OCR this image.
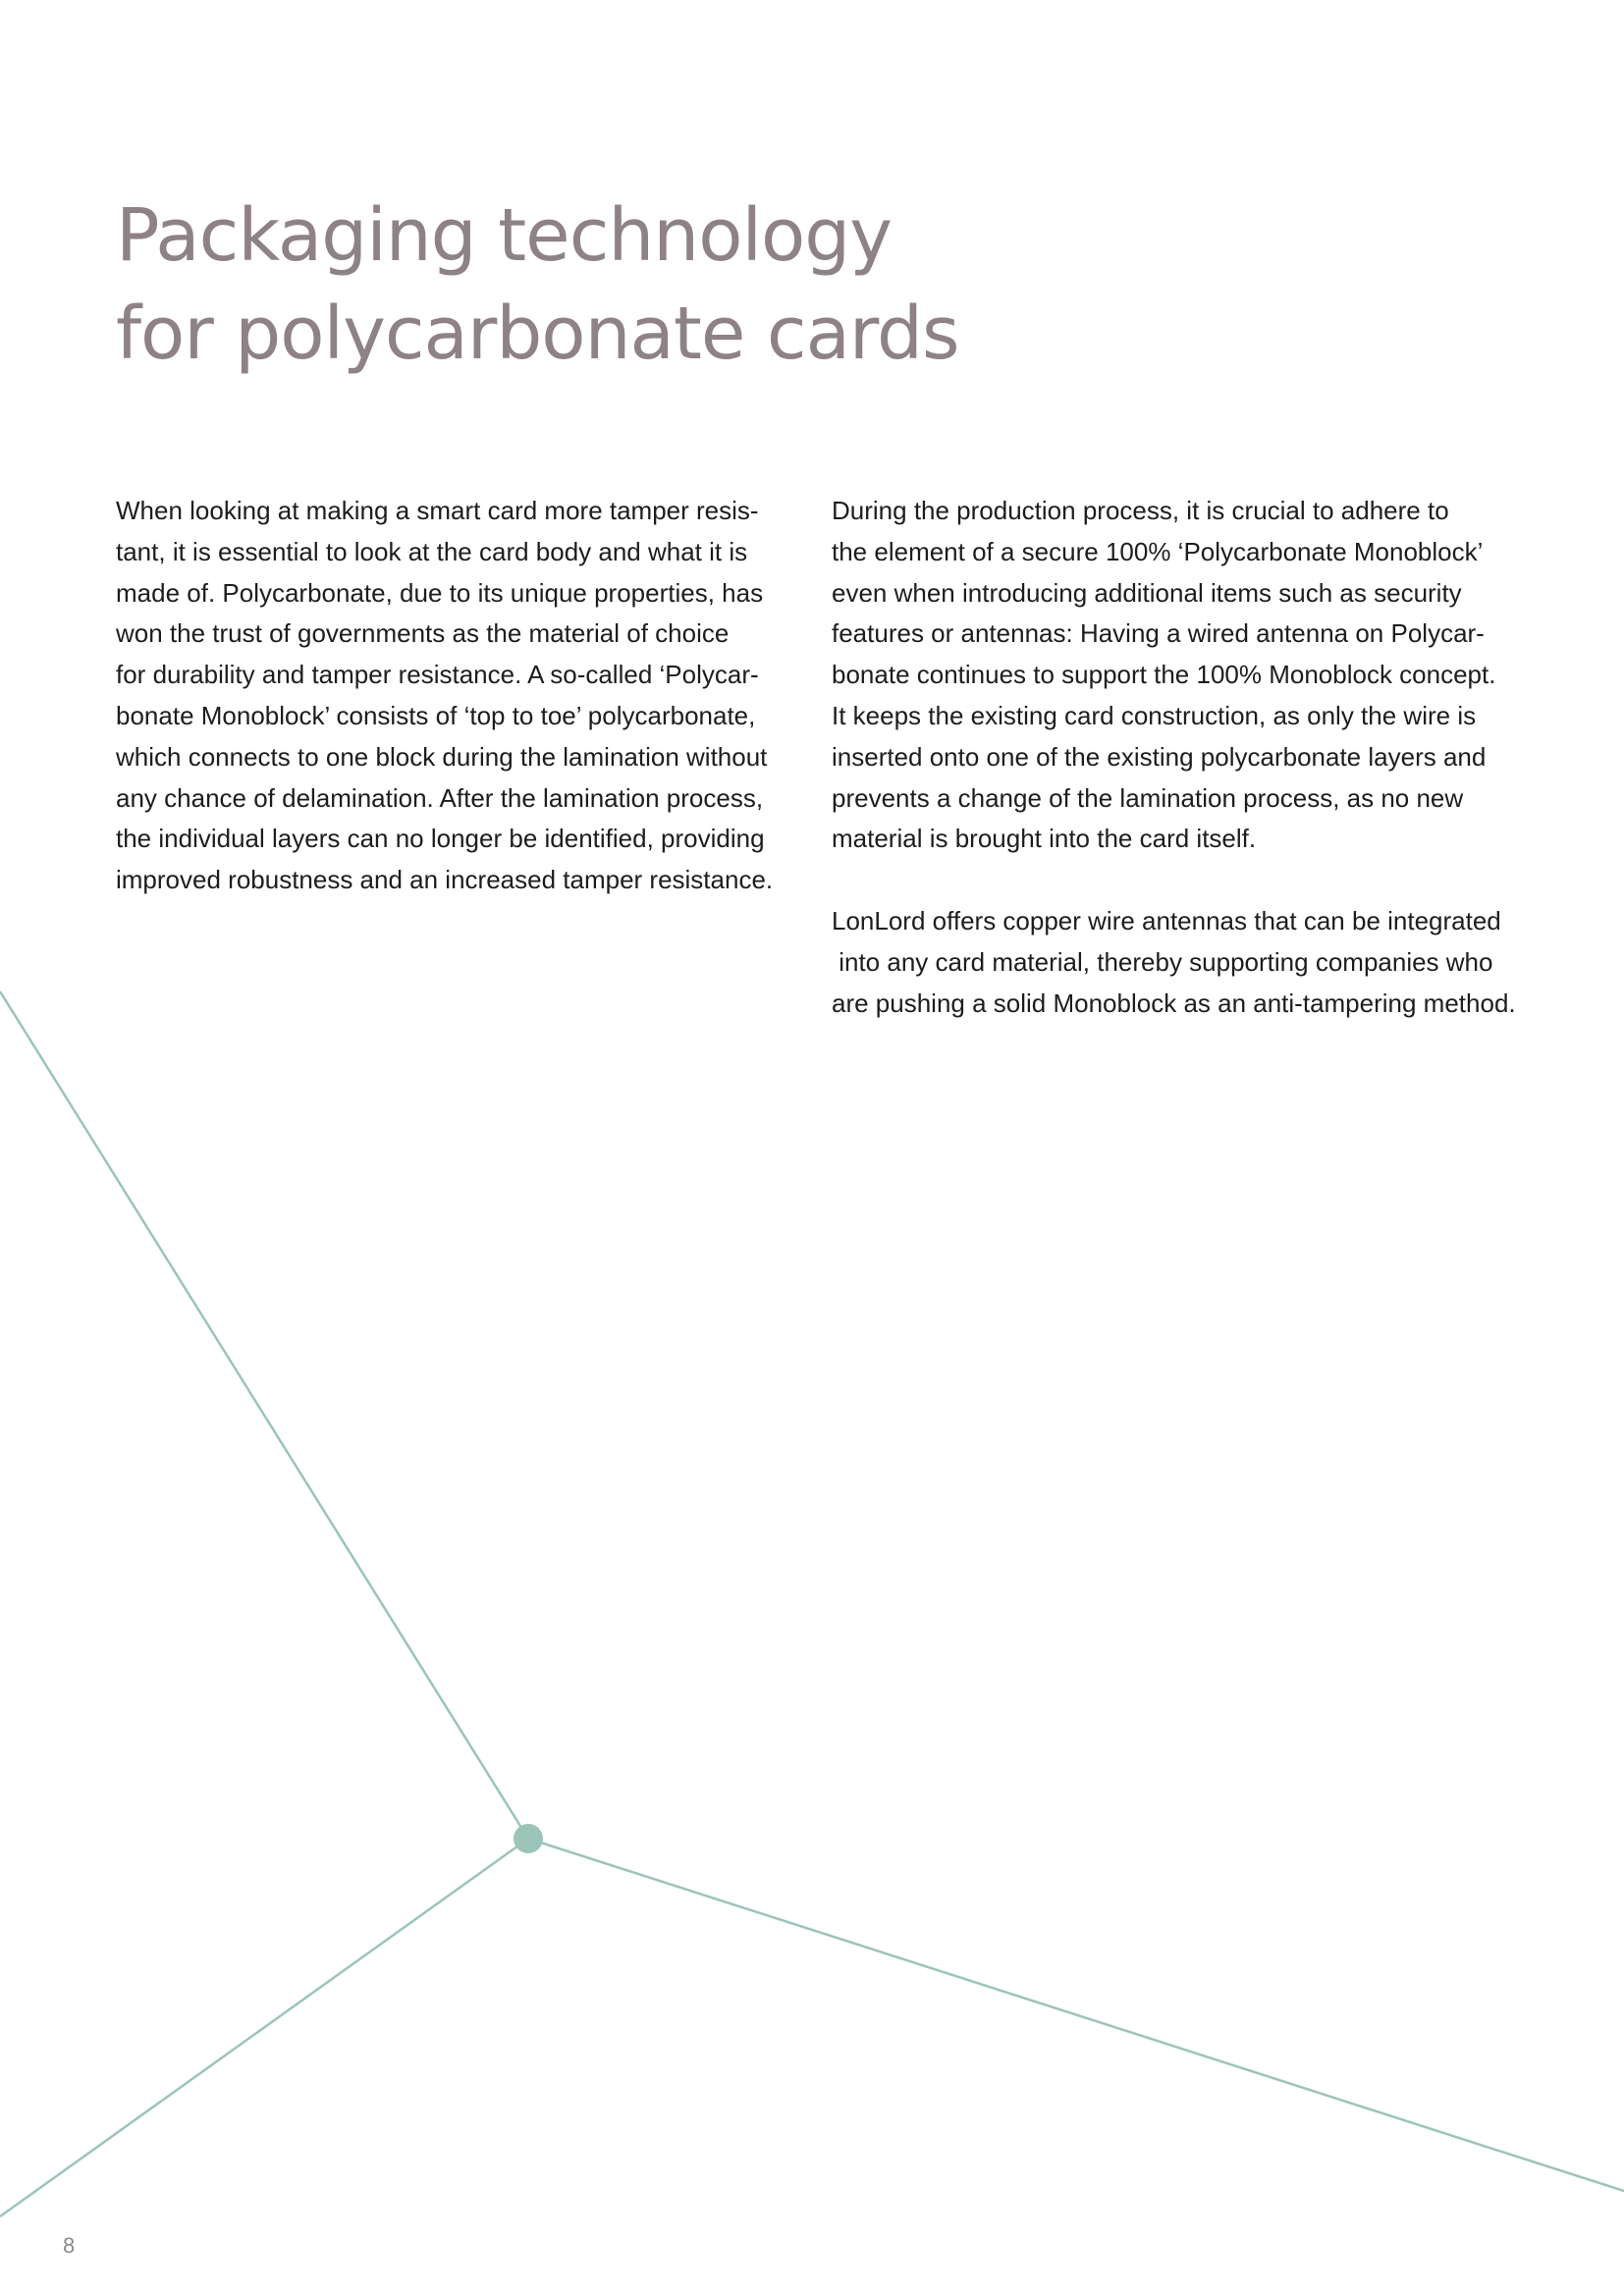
Packaging technology
for polycarbonate cards

When looking at making a smart card more tamper resis-
tant, it is essential to look at the card body and what it is
made of. Polycarbonate, due to its unique properties, has
won the trust of governments as the material of choice
for durability and tamper resistance. A so-called ‘Polycar-
bonate Monoblock’ consists of ‘top to toe’ polycarbonate,
which connects to one block during the lamination without
any chance of delamination. After the lamination process,
the individual layers can no longer be identified, providing
improved robustness and an increased tamper resistance.

During the production process, it is crucial to adhere to
the element of a secure 100% ‘Polycarbonate Monoblock’
even when introducing additional items such as security
features or antennas: Having a wired antenna on Polycar-
bonate continues to support the 100% Monoblock concept.
It keeps the existing card construction, as only the wire is
inserted onto one of the existing polycarbonate layers and
prevents a change of the lamination process, as no new
material is brought into the card itself.

LonLord offers copper wire antennas that can be integrated
into any card material, thereby supporting companies who
are pushing a solid Monoblock as an anti-tampering method.

8
